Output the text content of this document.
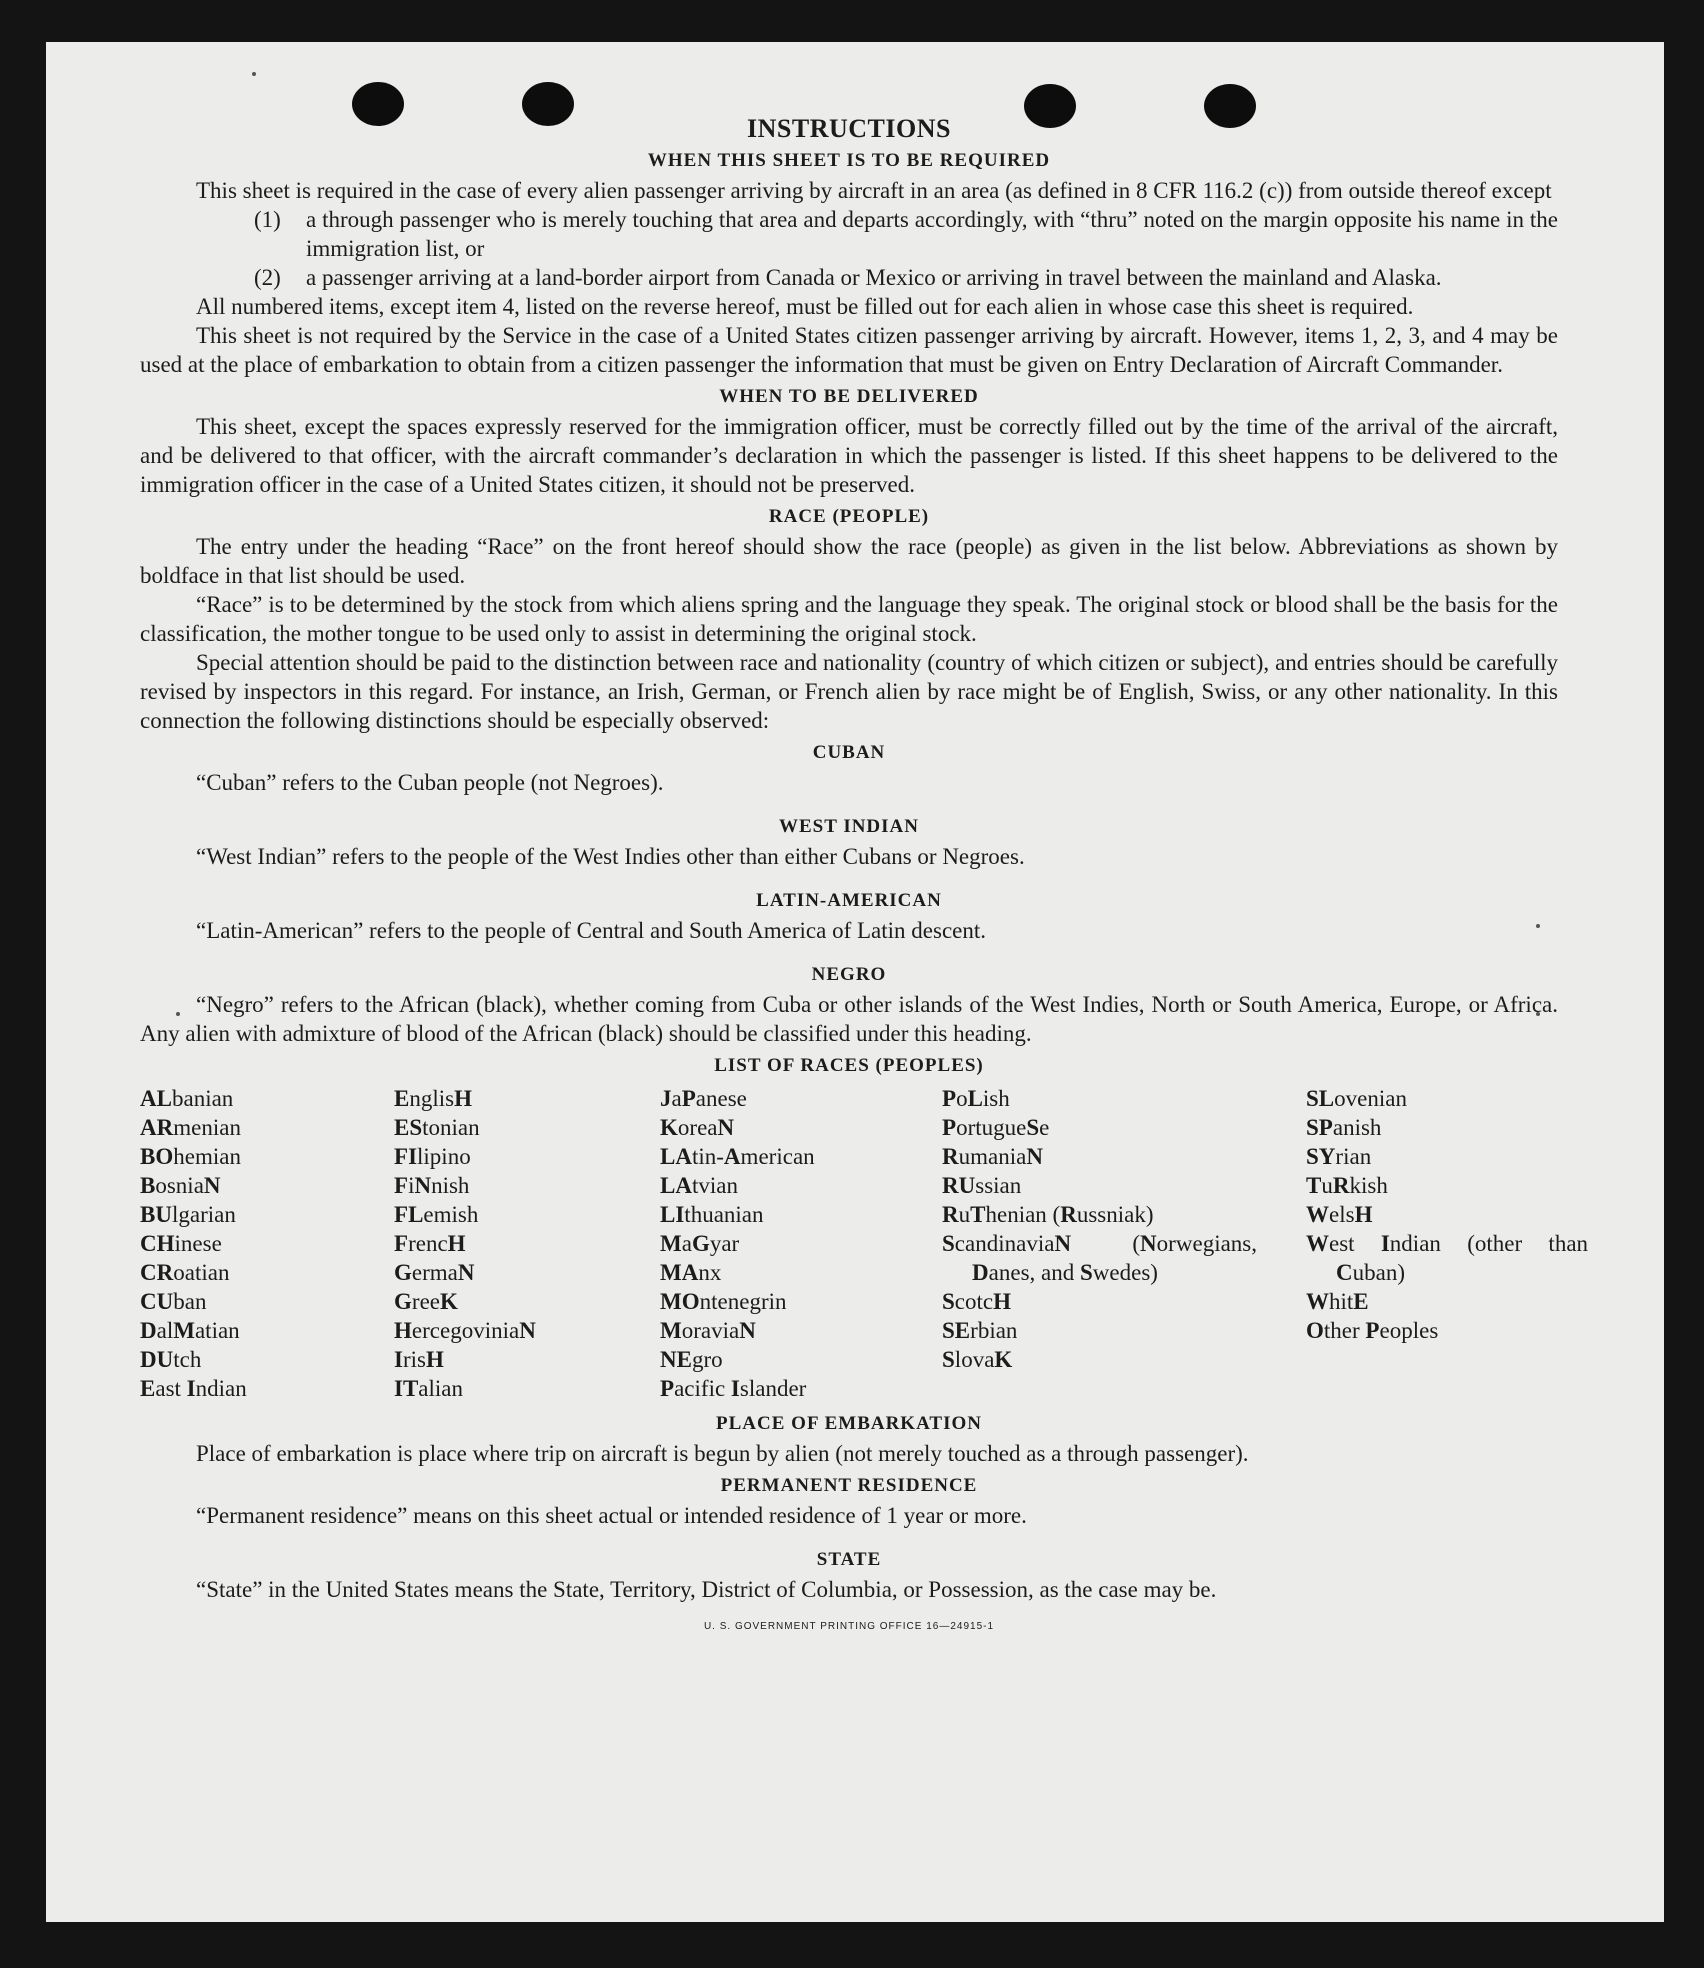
INSTRUCTIONS
WHEN THIS SHEET IS TO BE REQUIRED

This sheet is required in the case of every alien passenger arriving by aircraft in an area (as defined in 8 CFR 116.2 (c)) from outside thereof except

(1)	a through passenger who is merely touching that area and departs accordingly, with “thru” noted on the margin opposite his name in the immigration list, or
(2)	a passenger arriving at a land-border airport from Canada or Mexico or arriving in travel between the mainland and Alaska.

All numbered items, except item 4, listed on the reverse hereof, must be filled out for each alien in whose case this sheet is required.

This sheet is not required by the Service in the case of a United States citizen passenger arriving by aircraft. However, items 1, 2, 3, and 4 may be used at the place of embarkation to obtain from a citizen passenger the information that must be given on Entry Declaration of Aircraft Commander.

WHEN TO BE DELIVERED

This sheet, except the spaces expressly reserved for the immigration officer, must be correctly filled out by the time of the arrival of the aircraft, and be delivered to that officer, with the aircraft commander’s declaration in which the passenger is listed. If this sheet happens to be delivered to the immigration officer in the case of a United States citizen, it should not be preserved.

RACE (PEOPLE)

The entry under the heading “Race” on the front hereof should show the race (people) as given in the list below. Abbreviations as shown by boldface in that list should be used.

“Race” is to be determined by the stock from which aliens spring and the language they speak. The original stock or blood shall be the basis for the classification, the mother tongue to be used only to assist in determining the original stock.

Special attention should be paid to the distinction between race and nationality (country of which citizen or subject), and entries should be carefully revised by inspectors in this regard. For instance, an Irish, German, or French alien by race might be of English, Swiss, or any other nationality. In this connection the following distinctions should be especially observed:

CUBAN

“Cuban” refers to the Cuban people (not Negroes).

WEST INDIAN

“West Indian” refers to the people of the West Indies other than either Cubans or Negroes.

LATIN-AMERICAN

“Latin-American” refers to the people of Central and South America of Latin descent.

NEGRO

“Negro” refers to the African (black), whether coming from Cuba or other islands of the West Indies, North or South America, Europe, or Africa. Any alien with admixture of blood of the African (black) should be classified under this heading.

LIST OF RACES (PEOPLES)
ALbanian
ARmenian
BOhemian
BosniaN
BUlgarian
CHinese
CRoatian
CUban
DalMatian
DUtch
East Indian
EnglisH
EStonian
FIlipino
FiNnish
FLemish
FrencH
GermaN
GreeK
HercegoviniaN
IrisH
ITalian
JaPanese
KoreaN
LAtin-American
LAtvian
LIthuanian
MaGyar
MAnx
MOntenegrin
MoraviaN
NEgro
Pacific Islander
PoLish
PortugueSe
RumaniaN
RUssian
RuThenian (Russniak)
ScandinaviaN	(Norwegians, Danes, and Swedes)
ScotcH
SErbian
SlovaK
SLovenian
SPanish
SYrian
TuRkish
WelsH
West Indian (other than Cuban)
WhitE
Other Peoples
PLACE OF EMBARKATION

Place of embarkation is place where trip on aircraft is begun by alien (not merely touched as a through passenger).

PERMANENT RESIDENCE

“Permanent residence” means on this sheet actual or intended residence of 1 year or more.

STATE

“State” in the United States means the State, Territory, District of Columbia, or Possession, as the case may be.

U. S. GOVERNMENT PRINTING OFFICE 16—24915-1
